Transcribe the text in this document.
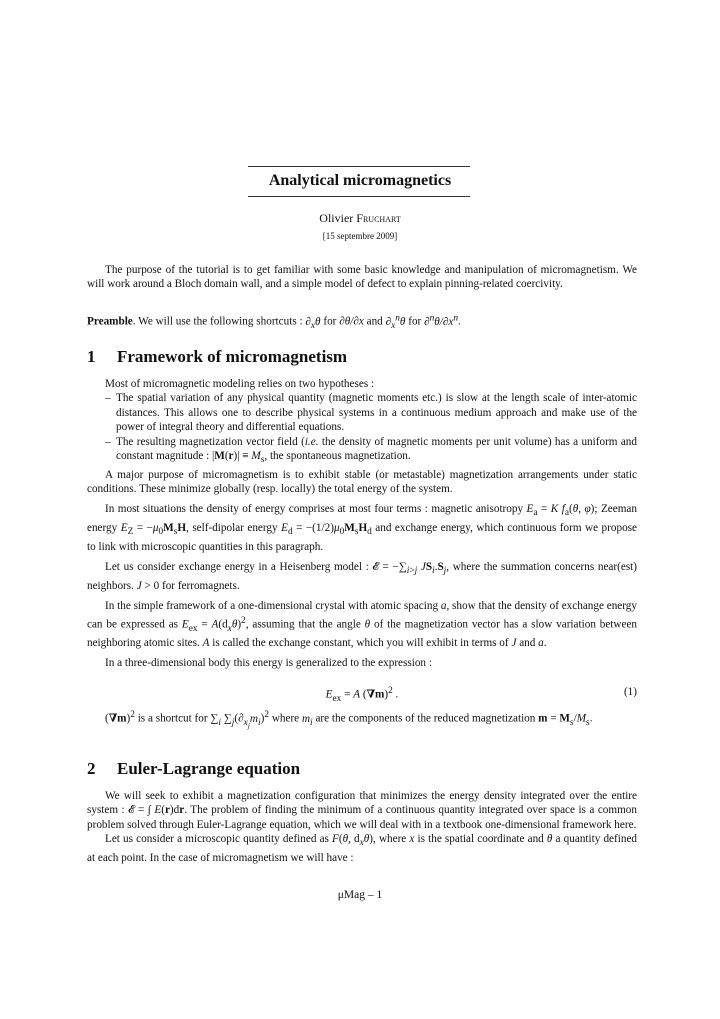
Analytical micromagnetics
Olivier Fruchart
[15 septembre 2009]

The purpose of the tutorial is to get familiar with some basic knowledge and manipulation of micromagnetism. We will work around a Bloch domain wall, and a simple model of defect to explain pinning-related coercivity.

Preamble. We will use the following shortcuts : $\partial_x\theta$ for ∂θ/∂x and $\partial_x^n\theta$ for $\partial^n\theta/\partial x^n$.

1 Framework of micromagnetism

Most of micromagnetic modeling relies on two hypotheses :

– The spatial variation of any physical quantity (magnetic moments etc.) is slow at the length scale of inter-atomic distances. This allows one to describe physical systems in a continuous medium approach and make use of the power of integral theory and differential equations.
– The resulting magnetization vector field (i.e. the density of magnetic moments per unit volume) has a uniform and constant magnitude : $|M(r)| \equiv M_s$, the spontaneous magnetization.

A major purpose of micromagnetism is to exhibit stable (or metastable) magnetization arrangements under static conditions. These minimize globally (resp. locally) the total energy of the system.

In most situations the density of energy comprises at most four terms : magnetic anisotropy $E_a = K$ $f_a(\theta$, φ); Zeeman energy $E_Z = -\mu_0M_sH$, self-dipolar energy $E_d = -(1/2)\mu_0M_sH_d$ and exchange energy, which continuous form we propose to link with microscopic quantities in this paragraph.

Let us consider exchange energy in a Heisenberg model : 𝓔 = $-\sum_{i>j}$ $JS_i.S_j$, where the summation concerns near(est) neighbors. J > 0 for ferromagnets.

In the simple framework of a one-dimensional crystal with atomic spacing a, show that the density of exchange energy can be expressed as $E_{ex} = A(d_x\theta)^2$, assuming that the angle θ of the magnetization vector has a slow variation between neighboring atomic sites. A is called the exchange constant, which you will exhibit in terms of J and a.

In a three-dimensional body this energy is generalized to the expression :

$E_{ex} = A$ $(\nabla m)^2$ .	(1)

$(\nabla m)^2$ is a shortcut for $\sum_i$ $\sum_j(\partial_{x_j}m_i)^2$ where $m_i$ are the components of the reduced magnetization $m = M_s/M_s$.

2 Euler-Lagrange equation

We will seek to exhibit a magnetization configuration that minimizes the energy density integrated over the entire system : 𝓔 = ∫ E(r)dr. The problem of finding the minimum of a continuous quantity integrated over space is a common problem solved through Euler-Lagrange equation, which we will deal with in a textbook one-dimensional framework here.

Let us consider a microscopic quantity defined as F(θ, $d_x\theta$), where x is the spatial coordinate and θ a quantity defined at each point. In the case of micromagnetism we will have :

μMag – 1
